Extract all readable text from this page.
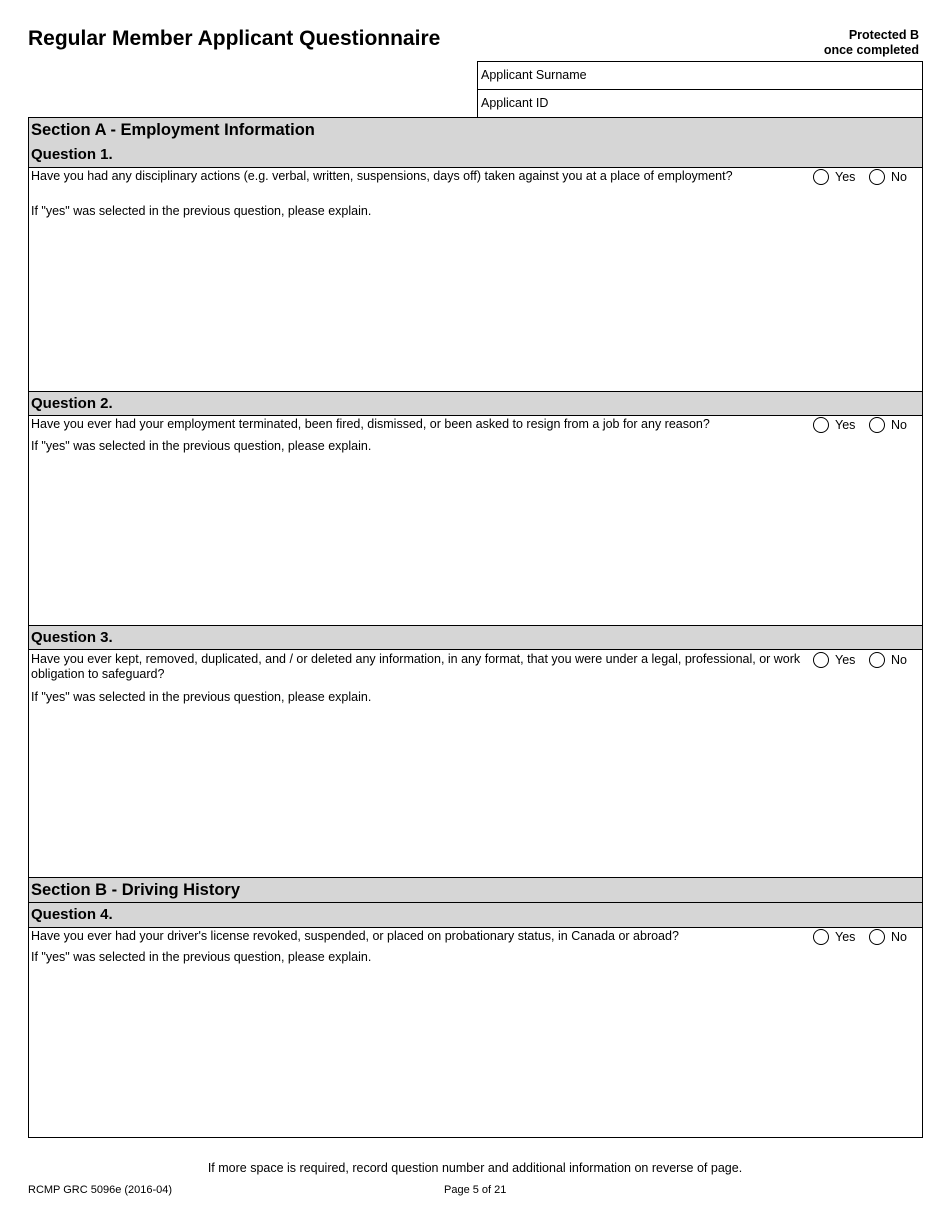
Regular Member Applicant Questionnaire	Protected B
once completed
Applicant Surname
Applicant ID
Section A - Employment Information
Question 1.
Have you had any disciplinary actions (e.g. verbal, written, suspensions, days off) taken against you at a place of employment?	Yes	No
If "yes" was selected in the previous question, please explain.
Question 2.
Have you ever had your employment terminated, been fired, dismissed, or been asked to resign from a job for any reason?	Yes	No
If "yes" was selected in the previous question, please explain.
Question 3.
Have you ever kept, removed, duplicated, and / or deleted any information, in any format, that you were under a legal, professional, or work obligation to safeguard?
Yes	No
If "yes" was selected in the previous question, please explain.
Section B - Driving History
Question 4.
Have you ever had your driver's license revoked, suspended, or placed on probationary status, in Canada or abroad?	Yes	No
If "yes" was selected in the previous question, please explain.
If more space is required, record question number and additional information on reverse of page.
RCMP GRC 5096e (2016-04)	Page 5 of 21
